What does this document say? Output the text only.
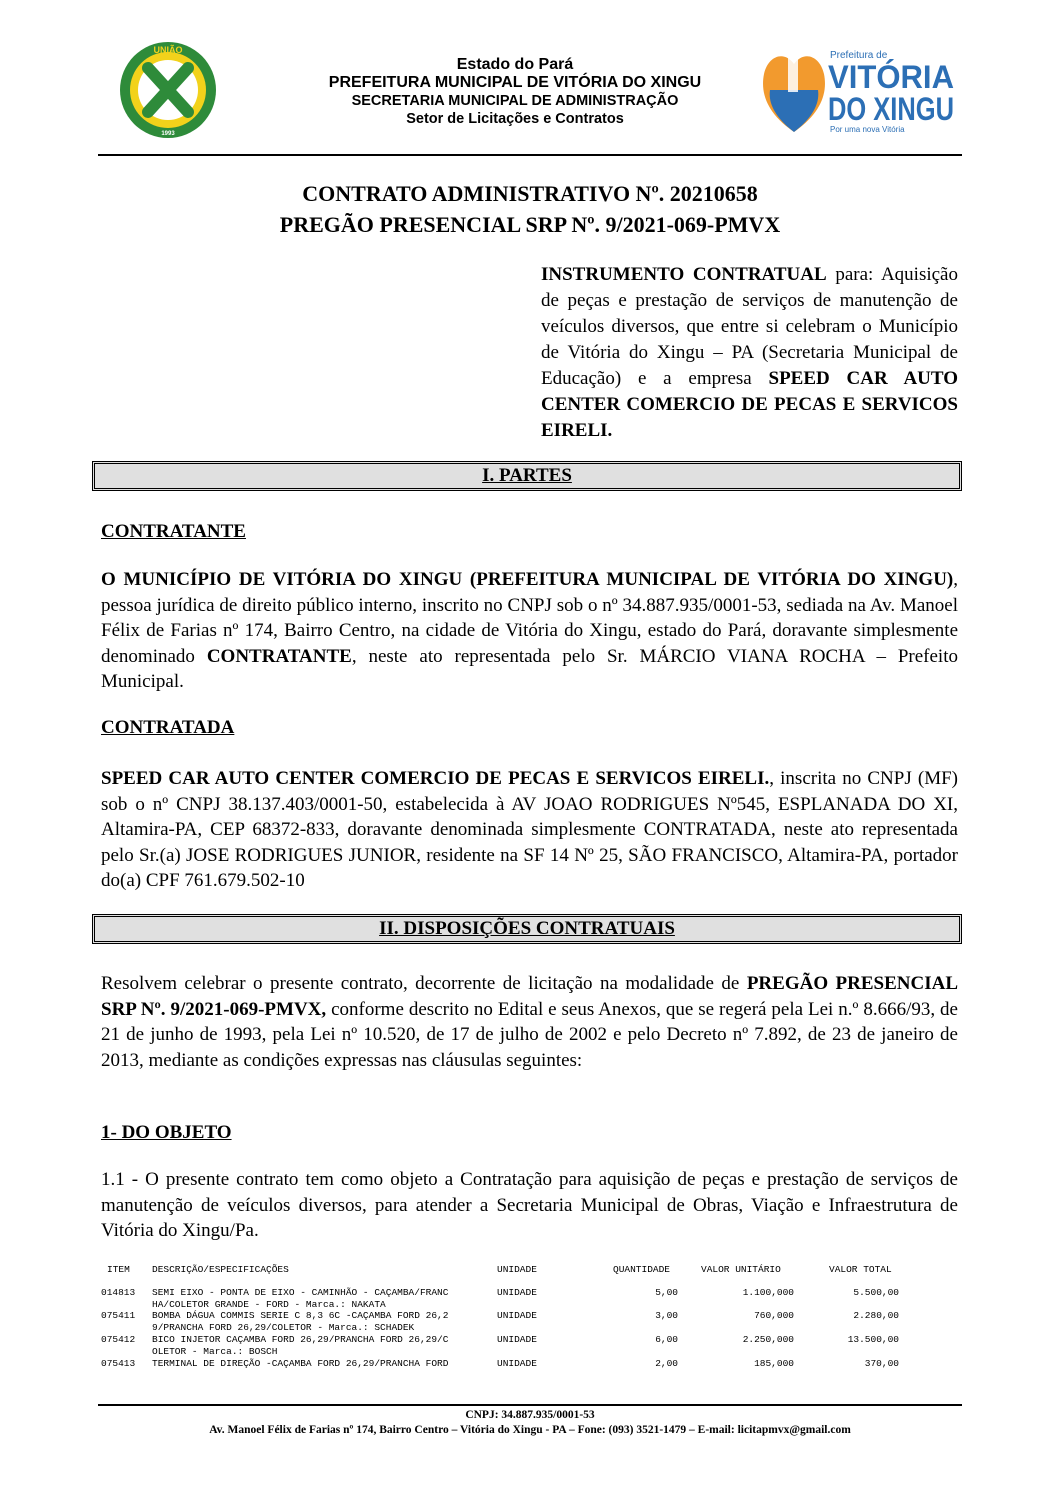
UNIÃO
1993
Estado do Pará
PREFEITURA MUNICIPAL DE VITÓRIA DO XINGU
SECRETARIA MUNICIPAL DE ADMINISTRAÇÃO
Setor de Licitações e Contratos
Prefeitura de
VITÓRIA
DO XINGU
Por uma nova Vitória
CONTRATO ADMINISTRATIVO Nº. 20210658
PREGÃO PRESENCIAL SRP Nº. 9/2021-069-PMVX
INSTRUMENTO CONTRATUAL para: Aquisição de peças e prestação de serviços de manutenção de veículos diversos, que entre si celebram o Município de Vitória do Xingu – PA (Secretaria Municipal de Educação) e a empresa SPEED CAR AUTO CENTER COMERCIO DE PECAS E SERVICOS EIRELI.
I. PARTES
CONTRATANTE
O MUNICÍPIO DE VITÓRIA DO XINGU (PREFEITURA MUNICIPAL DE VITÓRIA DO XINGU), pessoa jurídica de direito público interno, inscrito no CNPJ sob o nº 34.887.935/0001-53, sediada na Av. Manoel Félix de Farias nº 174, Bairro Centro, na cidade de Vitória do Xingu, estado do Pará, doravante simplesmente denominado CONTRATANTE, neste ato representada pelo Sr. MÁRCIO VIANA ROCHA – Prefeito Municipal.
CONTRATADA
SPEED CAR AUTO CENTER COMERCIO DE PECAS E SERVICOS EIRELI., inscrita no CNPJ (MF) sob o nº CNPJ 38.137.403/0001-50, estabelecida à AV JOAO RODRIGUES Nº545, ESPLANADA DO XI, Altamira-PA, CEP 68372-833, doravante denominada simplesmente CONTRATADA, neste ato representada pelo Sr.(a) JOSE RODRIGUES JUNIOR, residente na SF 14 Nº 25, SÃO FRANCISCO, Altamira-PA, portador do(a) CPF 761.679.502-10
II. DISPOSIÇÕES CONTRATUAIS
Resolvem celebrar o presente contrato, decorrente de licitação na modalidade de PREGÃO PRESENCIAL SRP Nº. 9/2021-069-PMVX, conforme descrito no Edital e seus Anexos, que se regerá pela Lei n.º 8.666/93, de 21 de junho de 1993, pela Lei nº 10.520, de 17 de julho de 2002 e pelo Decreto nº 7.892, de 23 de janeiro de 2013, mediante as condições expressas nas cláusulas seguintes:
1- DO OBJETO
1.1 - O presente contrato tem como objeto a Contratação para aquisição de peças e prestação de serviços de manutenção de veículos diversos, para atender a Secretaria Municipal de Obras, Viação e Infraestrutura de Vitória do Xingu/Pa.
ITEM DESCRIÇÃO/ESPECIFICAÇÕES	UNIDADE	QUANTIDADE	VALOR UNITÁRIO	VALOR TOTAL
014813 SEMI EIXO - PONTA DE EIXO - CAMINHÃO - CAÇAMBA/FRANC	UNIDADE	5,00	1.100,000	5.500,00
HA/COLETOR GRANDE - FORD - Marca.: NAKATA
075411 BOMBA DÁGUA COMMIS SERIE C 8,3 6C -CAÇAMBA FORD 26,2	UNIDADE	3,00	760,000	2.280,00
9/PRANCHA FORD 26,29/COLETOR - Marca.: SCHADEK
075412 BICO INJETOR CAÇAMBA FORD 26,29/PRANCHA FORD 26,29/C	UNIDADE	6,00	2.250,000	13.500,00
OLETOR - Marca.: BOSCH
075413 TERMINAL DE DIREÇÃO -CAÇAMBA FORD 26,29/PRANCHA FORD	UNIDADE	2,00	185,000	370,00
CNPJ: 34.887.935/0001-53
Av. Manoel Félix de Farias nº 174, Bairro Centro – Vitória do Xingu - PA – Fone: (093) 3521-1479 – E-mail: licitapmvx@gmail.com
